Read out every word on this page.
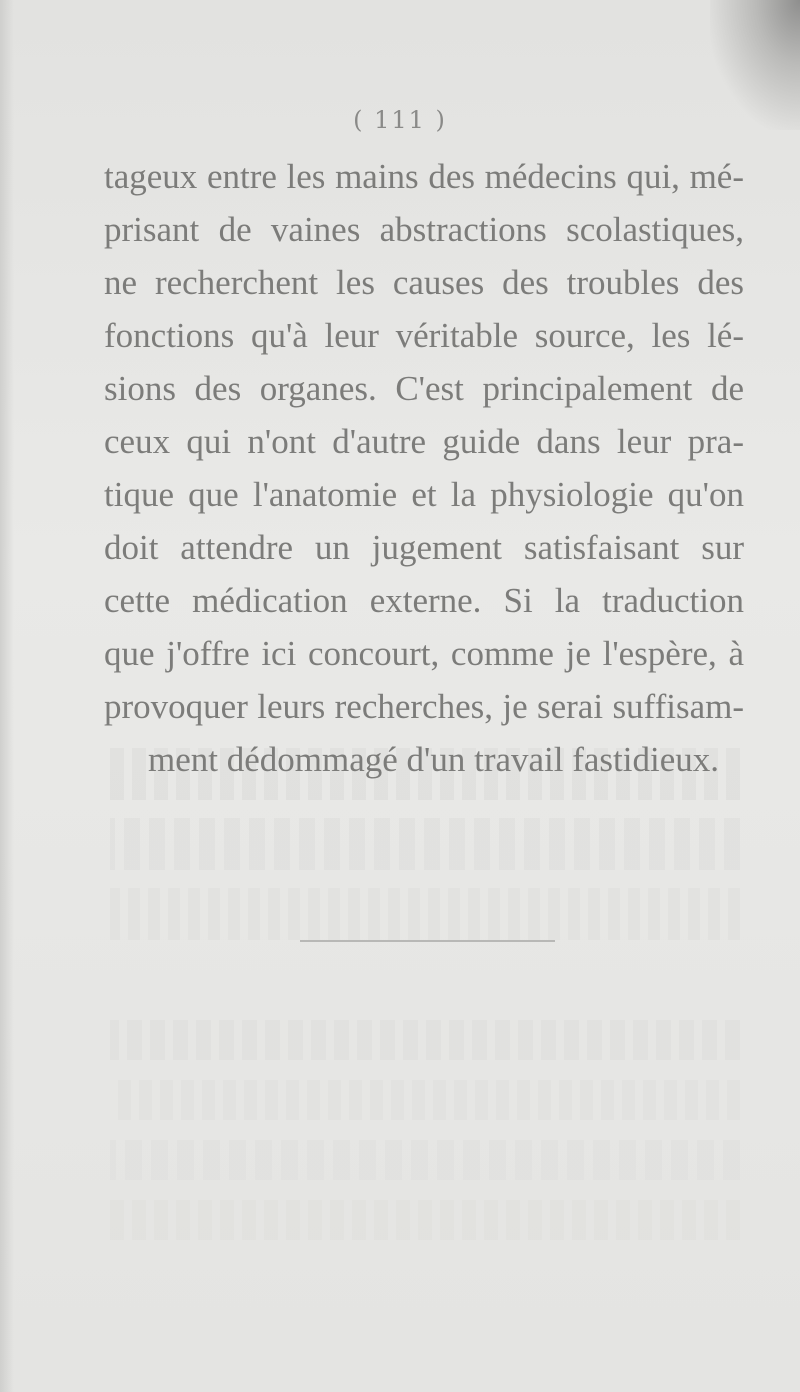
( 111 )
tageux entre les mains des médecins qui, mé-
prisant de vaines abstractions scolastiques,
ne recherchent les causes des troubles des
fonctions qu'à leur véritable source, les lé-
sions des organes. C'est principalement de
ceux qui n'ont d'autre guide dans leur pra-
tique que l'anatomie et la physiologie qu'on
doit attendre un jugement satisfaisant sur
cette médication externe. Si la traduction
que j'offre ici concourt, comme je l'espère, à
provoquer leurs recherches, je serai suffisam-
ment dédommagé d'un travail fastidieux.
